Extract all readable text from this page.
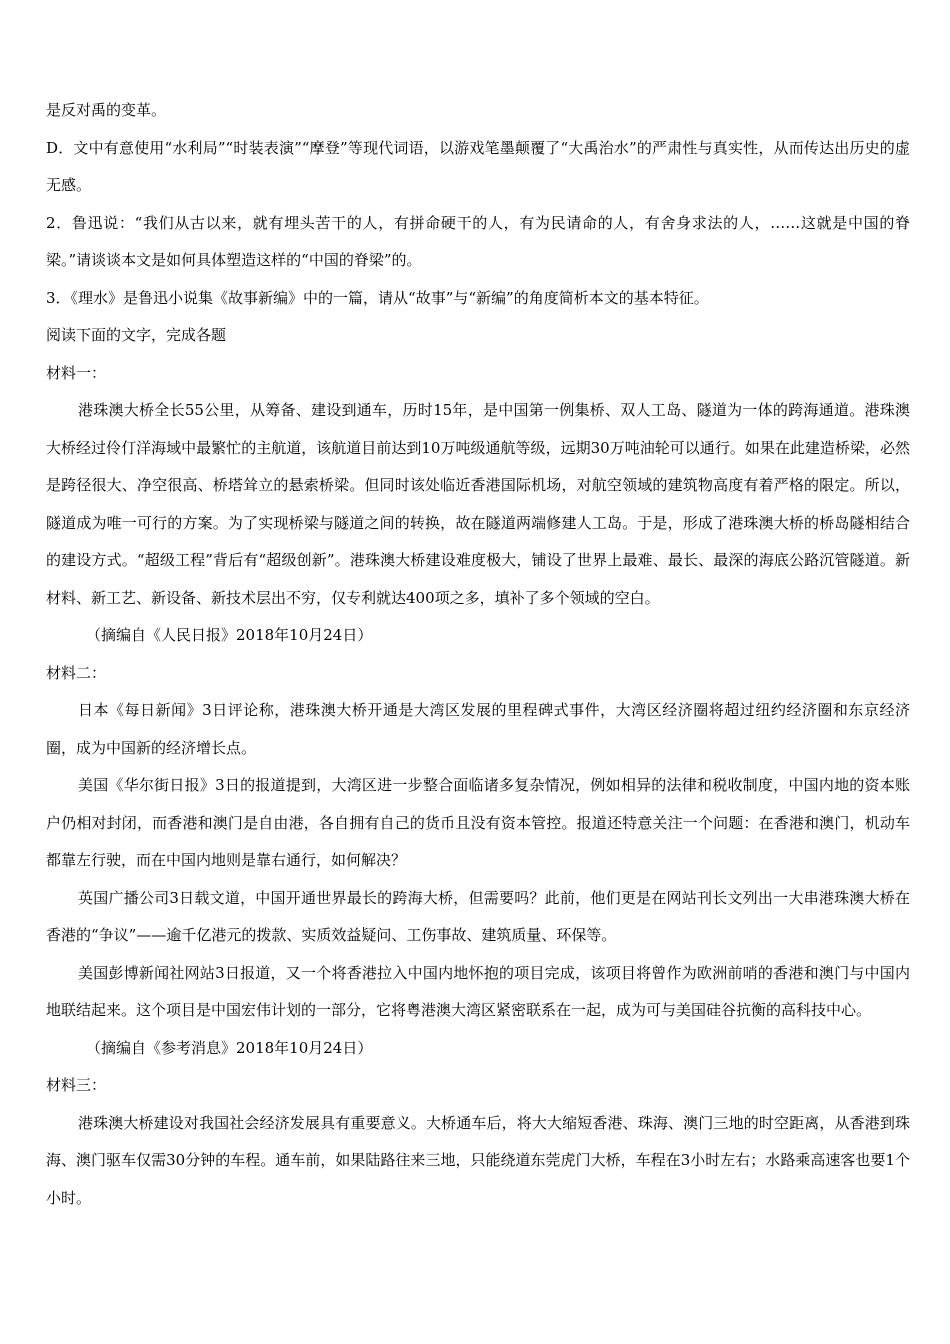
是反对禹的变革。

D．文中有意使用“水利局”“时装表演”“摩登”等现代词语，以游戏笔墨颠覆了“大禹治水”的严肃性与真实性，从而传达出历史的虚无感。

2．鲁迅说：“我们从古以来，就有埋头苦干的人，有拼命硬干的人，有为民请命的人，有舍身求法的人，……这就是中国的脊梁。”请谈谈本文是如何具体塑造这样的“中国的脊梁”的。

3．《理水》是鲁迅小说集《故事新编》中的一篇，请从“故事”与“新编”的角度简析本文的基本特征。

阅读下面的文字，完成各题

材料一：

港珠澳大桥全长55公里，从筹备、建设到通车，历时15年，是中国第一例集桥、双人工岛、隧道为一体的跨海通道。港珠澳大桥经过伶仃洋海域中最繁忙的主航道，该航道目前达到10万吨级通航等级，远期30万吨油轮可以通行。如果在此建造桥梁，必然是跨径很大、净空很高、桥塔耸立的悬索桥梁。但同时该处临近香港国际机场，对航空领域的建筑物高度有着严格的限定。所以，隧道成为唯一可行的方案。为了实现桥梁与隧道之间的转换，故在隧道两端修建人工岛。于是，形成了港珠澳大桥的桥岛隧相结合的建设方式。“超级工程”背后有“超级创新”。港珠澳大桥建设难度极大，铺设了世界上最难、最长、最深的海底公路沉管隧道。新材料、新工艺、新设备、新技术层出不穷，仅专利就达400项之多，填补了多个领域的空白。

（摘编自《人民日报》2018年10月24日）

材料二：

日本《每日新闻》3日评论称，港珠澳大桥开通是大湾区发展的里程碑式事件，大湾区经济圈将超过纽约经济圈和东京经济圈，成为中国新的经济增长点。

美国《华尔街日报》3日的报道提到，大湾区进一步整合面临诸多复杂情况，例如相异的法律和税收制度，中国内地的资本账户仍相对封闭，而香港和澳门是自由港，各自拥有自己的货币且没有资本管控。报道还特意关注一个问题：在香港和澳门，机动车都靠左行驶，而在中国内地则是靠右通行，如何解决？

英国广播公司3日载文道，中国开通世界最长的跨海大桥，但需要吗？此前，他们更是在网站刊长文列出一大串港珠澳大桥在香港的“争议”——逾千亿港元的拨款、实质效益疑问、工伤事故、建筑质量、环保等。

美国彭博新闻社网站3日报道，又一个将香港拉入中国内地怀抱的项目完成，该项目将曾作为欧洲前哨的香港和澳门与中国内地联结起来。这个项目是中国宏伟计划的一部分，它将粤港澳大湾区紧密联系在一起，成为可与美国硅谷抗衡的高科技中心。

（摘编自《参考消息》2018年10月24日）

材料三：

港珠澳大桥建设对我国社会经济发展具有重要意义。大桥通车后，将大大缩短香港、珠海、澳门三地的时空距离，从香港到珠海、澳门驱车仅需30分钟的车程。通车前，如果陆路往来三地，只能绕道东莞虎门大桥，车程在3小时左右；水路乘高速客也要1个小时。
